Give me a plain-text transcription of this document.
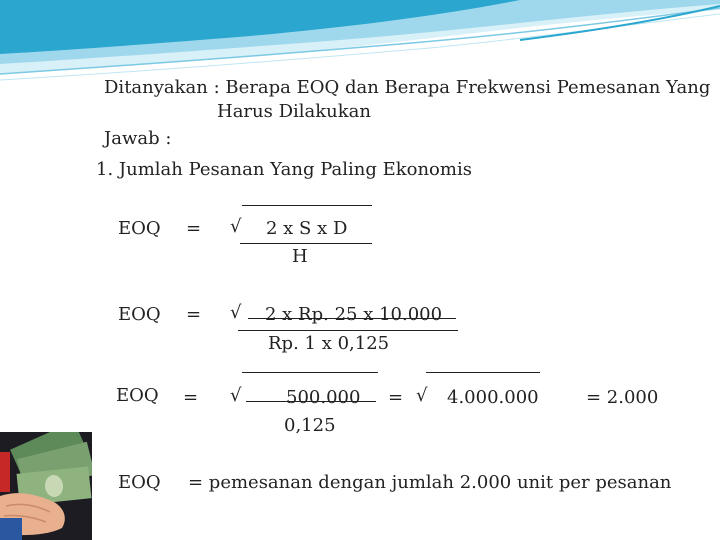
Ditanyakan : Berapa EOQ dan Berapa Frekwensi Pemesanan Yang
Harus Dilakukan
Jawab :
1. Jumlah Pesanan Yang Paling Ekonomis
EOQ = √ 2 x S x D
H
EOQ = √ 2 x Rp. 25 x 10.000
Rp. 1 x 0,125
EOQ = √ 500.000
0,125
= √ 4.000.000	= 2.000
EOQ = pemesanan dengan jumlah 2.000 unit per pesanan
